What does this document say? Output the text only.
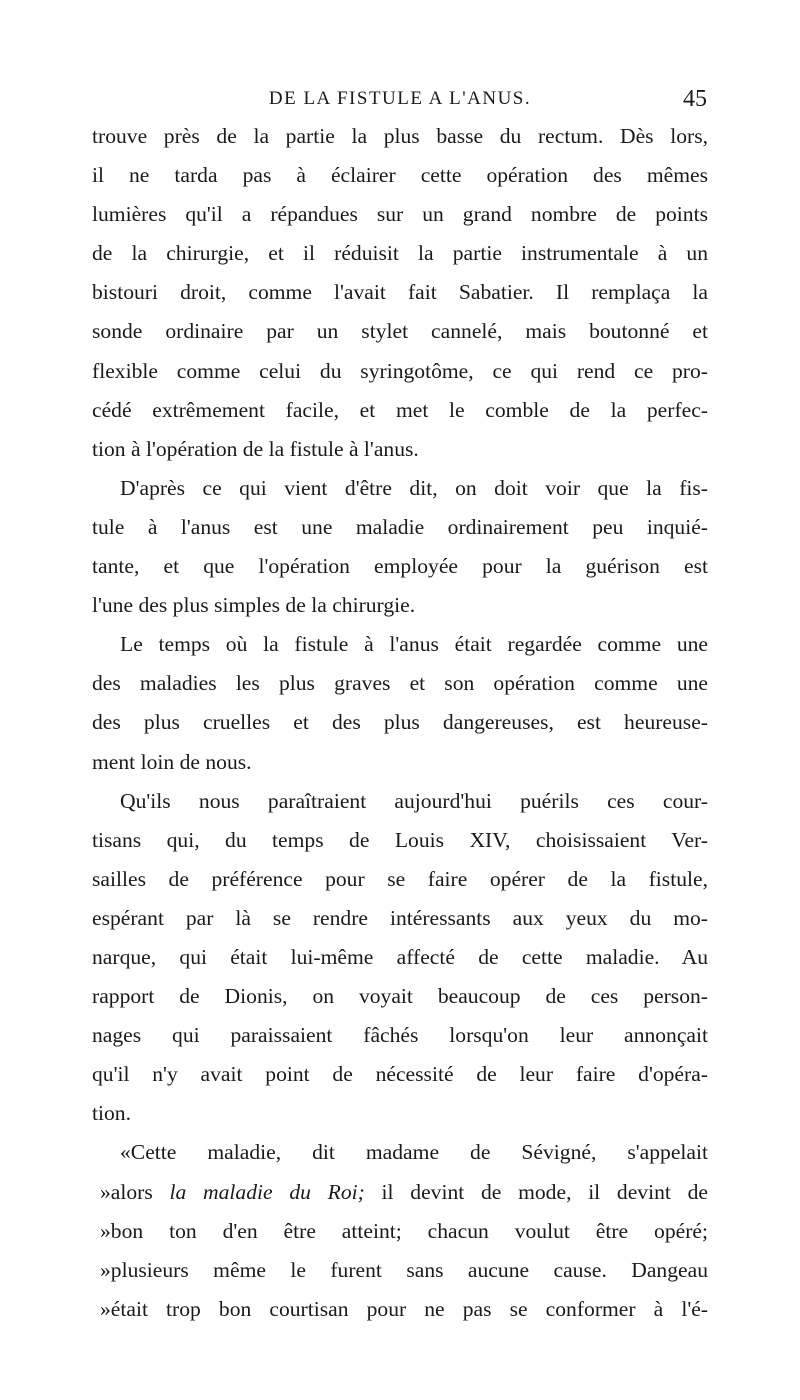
DE LA FISTULE A L'ANUS.	45
trouve près de la partie la plus basse du rectum. Dès lors,
il ne tarda pas à éclairer cette opération des mêmes
lumières qu'il a répandues sur un grand nombre de points
de la chirurgie, et il réduisit la partie instrumentale à un
bistouri droit, comme l'avait fait Sabatier. Il remplaça la
sonde ordinaire par un stylet cannelé, mais boutonné et
flexible comme celui du syringotôme, ce qui rend ce pro-
cédé extrêmement facile, et met le comble de la perfec-
tion à l'opération de la fistule à l'anus.
D'après ce qui vient d'être dit, on doit voir que la fis-
tule à l'anus est une maladie ordinairement peu inquié-
tante, et que l'opération employée pour la guérison est
l'une des plus simples de la chirurgie.
Le temps où la fistule à l'anus était regardée comme une
des maladies les plus graves et son opération comme une
des plus cruelles et des plus dangereuses, est heureuse-
ment loin de nous.
Qu'ils nous paraîtraient aujourd'hui puérils ces cour-
tisans qui, du temps de Louis XIV, choisissaient Ver-
sailles de préférence pour se faire opérer de la fistule,
espérant par là se rendre intéressants aux yeux du mo-
narque, qui était lui-même affecté de cette maladie. Au
rapport de Dionis, on voyait beaucoup de ces person-
nages qui paraissaient fâchés lorsqu'on leur annonçait
qu'il n'y avait point de nécessité de leur faire d'opéra-
tion.
«Cette maladie, dit madame de Sévigné, s'appelait
»alors la maladie du Roi; il devint de mode, il devint de
»bon ton d'en être atteint; chacun voulut être opéré;
»plusieurs même le furent sans aucune cause. Dangeau
»était trop bon courtisan pour ne pas se conformer à l'é-
